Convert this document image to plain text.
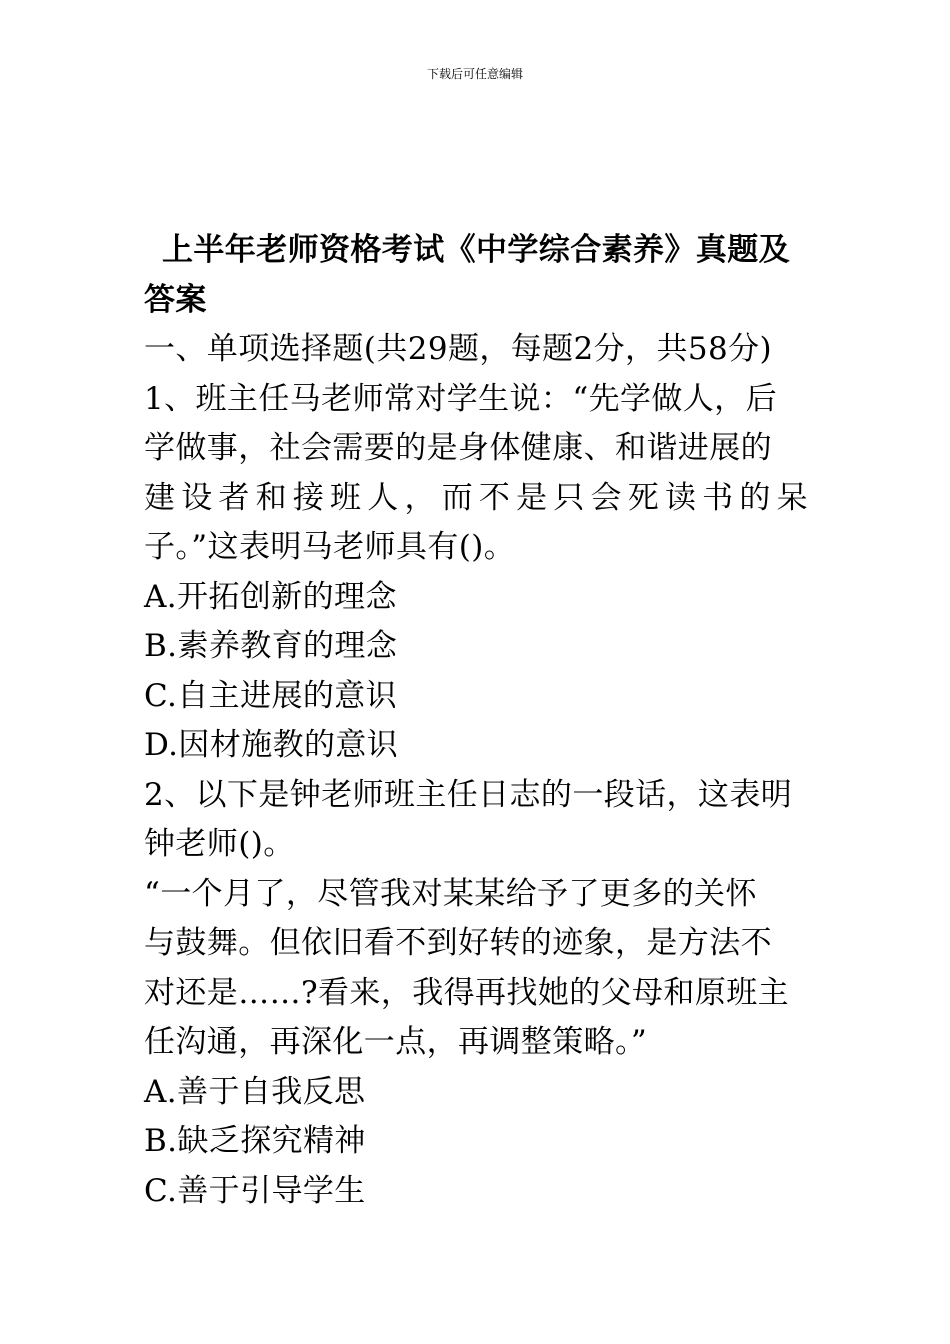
下载后可任意编辑
上半年老师资格考试《中学综合素养》真题及
答案
一、单项选择题(共29题，每题2分，共58分)
1、班主任马老师常对学生说：“先学做人，后
学做事，社会需要的是身体健康、和谐进展的
建设者和接班人，而不是只会死读书的呆
子。”这表明马老师具有()。
A.开拓创新的理念
B.素养教育的理念
C.自主进展的意识
D.因材施教的意识
2、以下是钟老师班主任日志的一段话，这表明
钟老师()。
“一个月了，尽管我对某某给予了更多的关怀
与鼓舞。但依旧看不到好转的迹象，是方法不
对还是……?看来，我得再找她的父母和原班主
任沟通，再深化一点，再调整策略。”
A.善于自我反思
B.缺乏探究精神
C.善于引导学生
